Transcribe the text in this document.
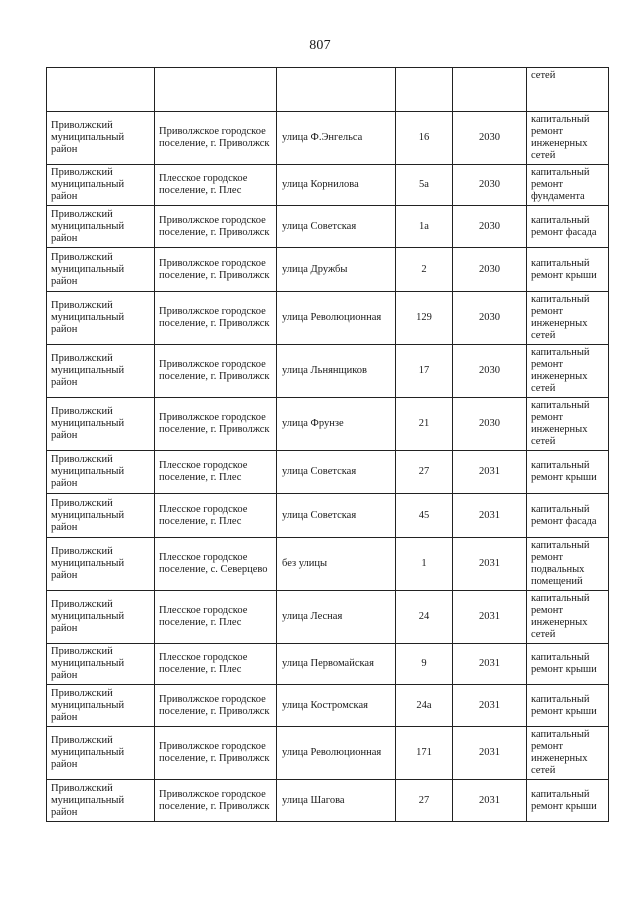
807
					сетей
Приволжский муниципальный район	Приволжское городское поселение, г. Приволжск	улица Ф.Энгельса	16	2030	капитальный ремонт инженерных сетей
Приволжский муниципальный район	Плесское городское поселение, г. Плес	улица Корнилова	5а	2030	капитальный ремонт фундамента
Приволжский муниципальный район	Приволжское городское поселение, г. Приволжск	улица Советская	1а	2030	капитальный ремонт фасада
Приволжский муниципальный район	Приволжское городское поселение, г. Приволжск	улица Дружбы	2	2030	капитальный ремонт крыши
Приволжский муниципальный район	Приволжское городское поселение, г. Приволжск	улица Революционная	129	2030	капитальный ремонт инженерных сетей
Приволжский муниципальный район	Приволжское городское поселение, г. Приволжск	улица Льнянщиков	17	2030	капитальный ремонт инженерных сетей
Приволжский муниципальный район	Приволжское городское поселение, г. Приволжск	улица Фрунзе	21	2030	капитальный ремонт инженерных сетей
Приволжский муниципальный район	Плесское городское поселение, г. Плес	улица Советская	27	2031	капитальный ремонт крыши
Приволжский муниципальный район	Плесское городское поселение, г. Плес	улица Советская	45	2031	капитальный ремонт фасада
Приволжский муниципальный район	Плесское городское поселение, с. Северцево	без улицы	1	2031	капитальный ремонт подвальных помещений
Приволжский муниципальный район	Плесское городское поселение, г. Плес	улица Лесная	24	2031	капитальный ремонт инженерных сетей
Приволжский муниципальный район	Плесское городское поселение, г. Плес	улица Первомайская	9	2031	капитальный ремонт крыши
Приволжский муниципальный район	Приволжское городское поселение, г. Приволжск	улица Костромская	24а	2031	капитальный ремонт крыши
Приволжский муниципальный район	Приволжское городское поселение, г. Приволжск	улица Революционная	171	2031	капитальный ремонт инженерных сетей
Приволжский муниципальный район	Приволжское городское поселение, г. Приволжск	улица Шагова	27	2031	капитальный ремонт крыши
